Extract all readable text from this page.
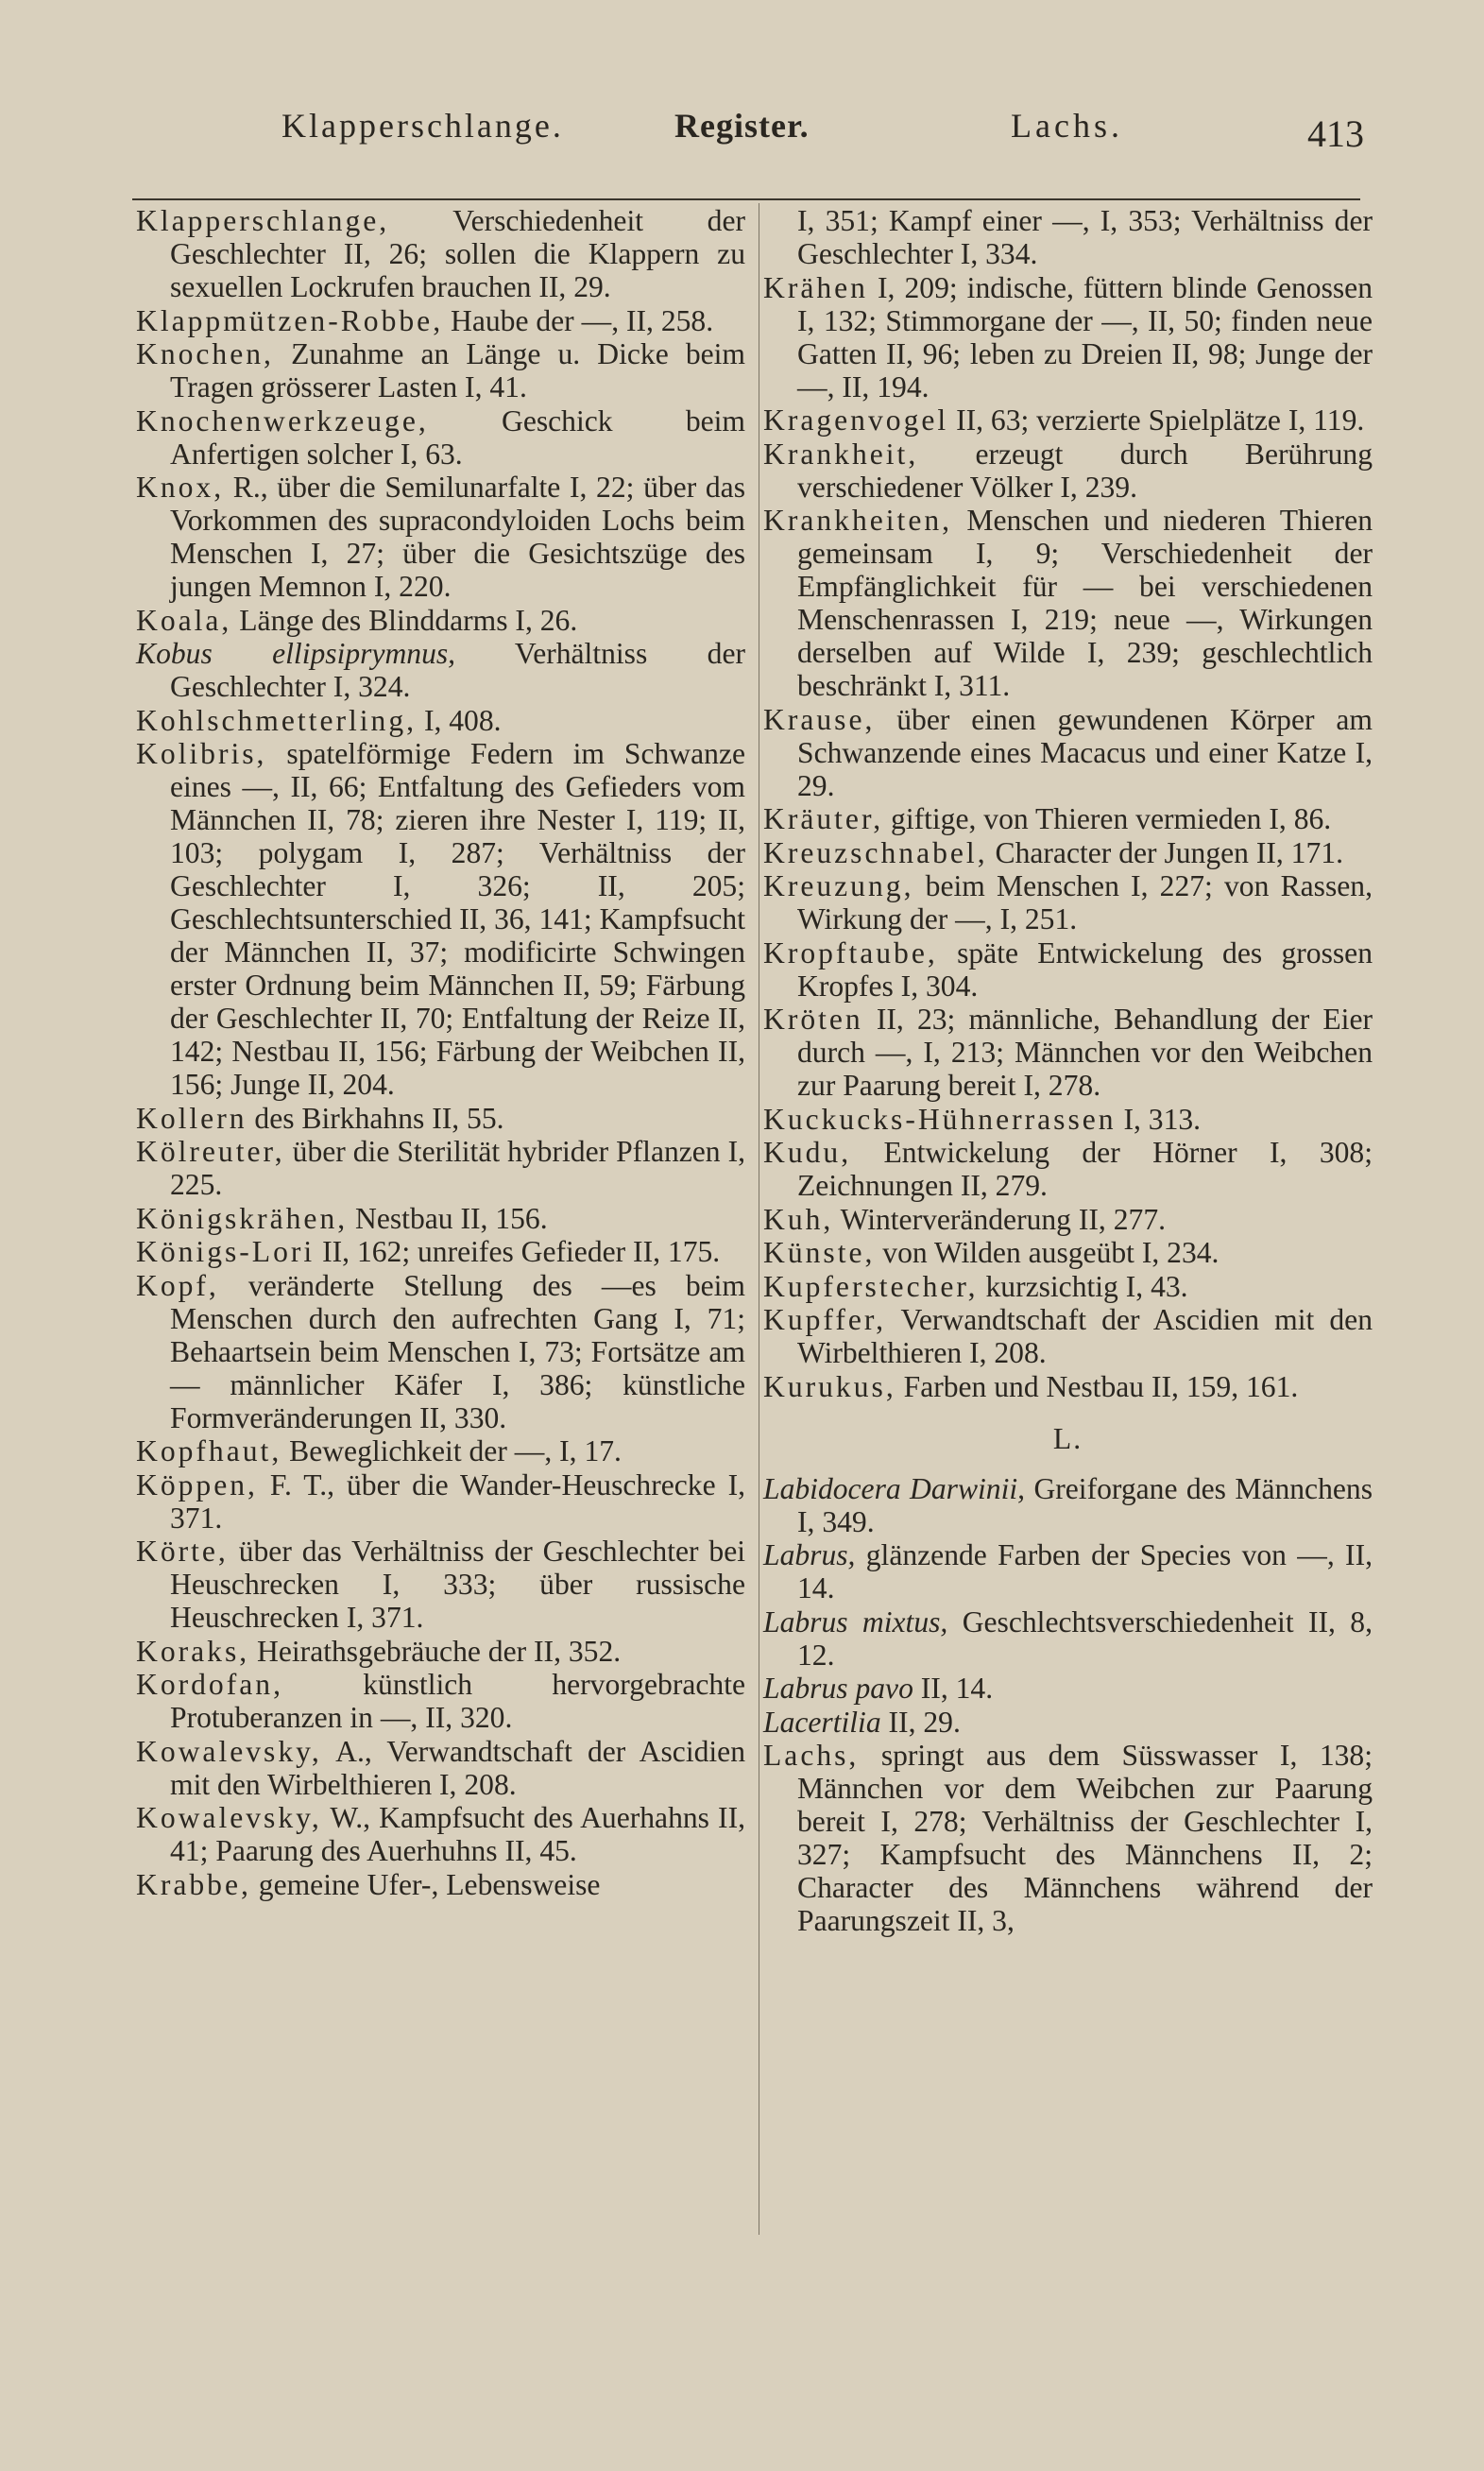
Klapperschlange.	Register.	Lachs.	413
Klapperschlange, Verschiedenheit der Geschlechter II, 26; sollen die Klappern zu sexuellen Lockrufen brauchen II, 29.
Klappmützen-Robbe, Haube der —, II, 258.
Knochen, Zunahme an Länge u. Dicke beim Tragen grösserer Lasten I, 41.
Knochenwerkzeuge, Geschick beim Anfertigen solcher I, 63.
Knox, R., über die Semilunarfalte I, 22; über das Vorkommen des supracondyloiden Lochs beim Menschen I, 27; über die Gesichtszüge des jungen Memnon I, 220.
Koala, Länge des Blinddarms I, 26.
Kobus ellipsiprymnus, Verhältniss der Geschlechter I, 324.
Kohlschmetterling, I, 408.
Kolibris, spatelförmige Federn im Schwanze eines —, II, 66; Entfaltung des Gefieders vom Männchen II, 78; zieren ihre Nester I, 119; II, 103; polygam I, 287; Verhältniss der Geschlechter I, 326; II, 205; Geschlechtsunterschied II, 36, 141; Kampfsucht der Männchen II, 37; modificirte Schwingen erster Ordnung beim Männchen II, 59; Färbung der Geschlechter II, 70; Entfaltung der Reize II, 142; Nestbau II, 156; Färbung der Weibchen II, 156; Junge II, 204.
Kollern des Birkhahns II, 55.
Kölreuter, über die Sterilität hybrider Pflanzen I, 225.
Königskrähen, Nestbau II, 156.
Königs-Lori II, 162; unreifes Gefieder II, 175.
Kopf, veränderte Stellung des —es beim Menschen durch den aufrechten Gang I, 71; Behaartsein beim Menschen I, 73; Fortsätze am — männlicher Käfer I, 386; künstliche Formveränderungen II, 330.
Kopfhaut, Beweglichkeit der —, I, 17.
Köppen, F. T., über die Wander-Heuschrecke I, 371.
Körte, über das Verhältniss der Geschlechter bei Heuschrecken I, 333; über russische Heuschrecken I, 371.
Koraks, Heirathsgebräuche der II, 352.
Kordofan, künstlich hervorgebrachte Protuberanzen in —, II, 320.
Kowalevsky, A., Verwandtschaft der Ascidien mit den Wirbelthieren I, 208.
Kowalevsky, W., Kampfsucht des Auerhahns II, 41; Paarung des Auerhuhns II, 45.
Krabbe, gemeine Ufer-, Lebensweise
I, 351; Kampf einer —, I, 353; Verhältniss der Geschlechter I, 334.
Krähen I, 209; indische, füttern blinde Genossen I, 132; Stimmorgane der —, II, 50; finden neue Gatten II, 96; leben zu Dreien II, 98; Junge der —, II, 194.
Kragenvogel II, 63; verzierte Spielplätze I, 119.
Krankheit, erzeugt durch Berührung verschiedener Völker I, 239.
Krankheiten, Menschen und niederen Thieren gemeinsam I, 9; Verschiedenheit der Empfänglichkeit für — bei verschiedenen Menschenrassen I, 219; neue —, Wirkungen derselben auf Wilde I, 239; geschlechtlich beschränkt I, 311.
Krause, über einen gewundenen Körper am Schwanzende eines Macacus und einer Katze I, 29.
Kräuter, giftige, von Thieren vermieden I, 86.
Kreuzschnabel, Character der Jungen II, 171.
Kreuzung, beim Menschen I, 227; von Rassen, Wirkung der —, I, 251.
Kropftaube, späte Entwickelung des grossen Kropfes I, 304.
Kröten II, 23; männliche, Behandlung der Eier durch —, I, 213; Männchen vor den Weibchen zur Paarung bereit I, 278.
Kuckucks-Hühnerrassen I, 313.
Kudu, Entwickelung der Hörner I, 308; Zeichnungen II, 279.
Kuh, Winterveränderung II, 277.
Künste, von Wilden ausgeübt I, 234.
Kupferstecher, kurzsichtig I, 43.
Kupffer, Verwandtschaft der Ascidien mit den Wirbelthieren I, 208.
Kurukus, Farben und Nestbau II, 159, 161.
L.
Labidocera Darwinii, Greiforgane des Männchens I, 349.
Labrus, glänzende Farben der Species von —, II, 14.
Labrus mixtus, Geschlechtsverschiedenheit II, 8, 12.
Labrus pavo II, 14.
Lacertilia II, 29.
Lachs, springt aus dem Süsswasser I, 138; Männchen vor dem Weibchen zur Paarung bereit I, 278; Verhältniss der Geschlechter I, 327; Kampfsucht des Männchens II, 2; Character des Männchens während der Paarungszeit II, 3,
